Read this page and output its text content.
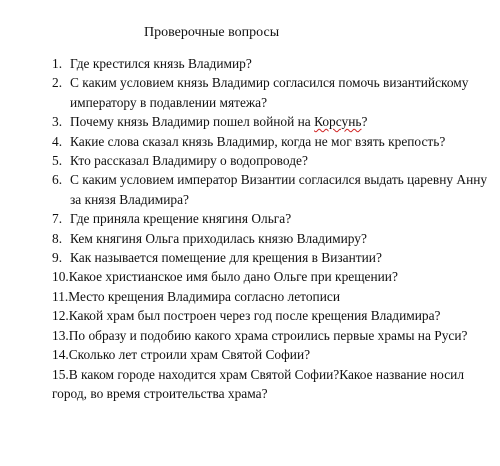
Проверочные вопросы
1. Где крестился князь Владимир?
2. С каким условием князь Владимир согласился помочь византийскому императору в подавлении мятежа?
3. Почему князь Владимир пошел войной на Корсунь?
4. Какие слова сказал князь Владимир, когда не мог взять крепость?
5. Кто рассказал Владимиру о водопроводе?
6. С каким условием император Византии согласился выдать царевну Анну за князя Владимира?
7. Где приняла крещение княгиня Ольга?
8. Кем княгиня Ольга приходилась князю Владимиру?
9. Как называется помещение для крещения в Византии?
10.Какое христианское имя было дано Ольге при крещении?
11.Место крещения Владимира согласно летописи
12.Какой храм был построен через год после крещения Владимира?
13.По образу и подобию какого храма строились первые храмы на Руси?
14.Сколько лет строили храм Святой Софии?
15.В каком городе находится храм Святой Софии?Какое название носил город, во время строительства храма?
